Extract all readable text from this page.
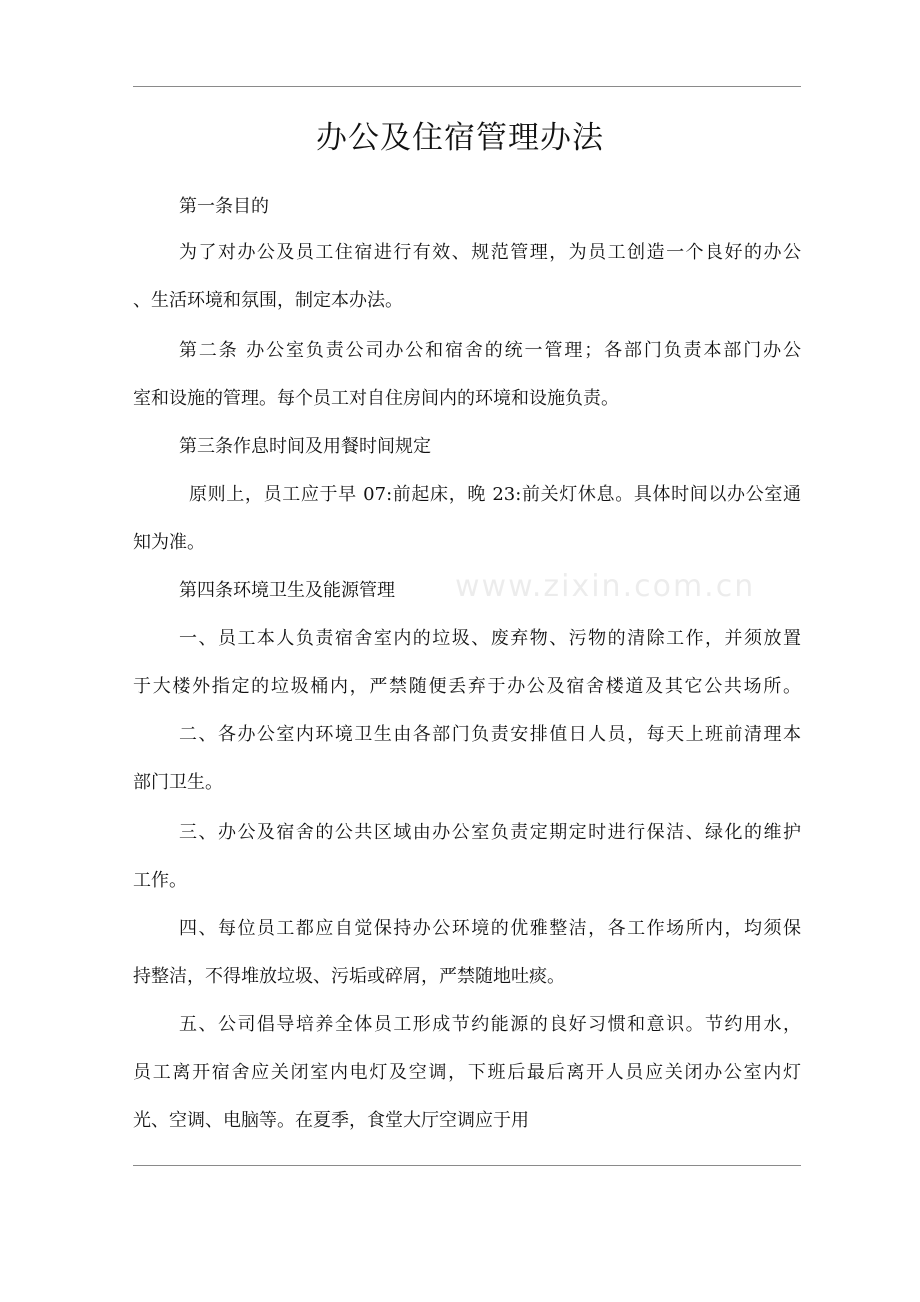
办公及住宿管理办法
第一条目的
为了对办公及员工住宿进行有效、规范管理，为员工创造一个良好的办公
、生活环境和氛围，制定本办法。
第二条 办公室负责公司办公和宿舍的统一管理；各部门负责本部门办公
室和设施的管理。每个员工对自住房间内的环境和设施负责。
第三条作息时间及用餐时间规定
原则上，员工应于早 07:前起床，晚 23:前关灯休息。具体时间以办公室通
知为准。
第四条环境卫生及能源管理
一、员工本人负责宿舍室内的垃圾、废弃物、污物的清除工作，并须放置
于大楼外指定的垃圾桶内，严禁随便丢弃于办公及宿舍楼道及其它公共场所。
二、各办公室内环境卫生由各部门负责安排值日人员，每天上班前清理本
部门卫生。
三、办公及宿舍的公共区域由办公室负责定期定时进行保洁、绿化的维护
工作。
四、每位员工都应自觉保持办公环境的优雅整洁，各工作场所内，均须保
持整洁，不得堆放垃圾、污垢或碎屑，严禁随地吐痰。
五、公司倡导培养全体员工形成节约能源的良好习惯和意识。节约用水，
员工离开宿舍应关闭室内电灯及空调，下班后最后离开人员应关闭办公室内灯
光、空调、电脑等。在夏季，食堂大厅空调应于用
www.zixin.com.cn
